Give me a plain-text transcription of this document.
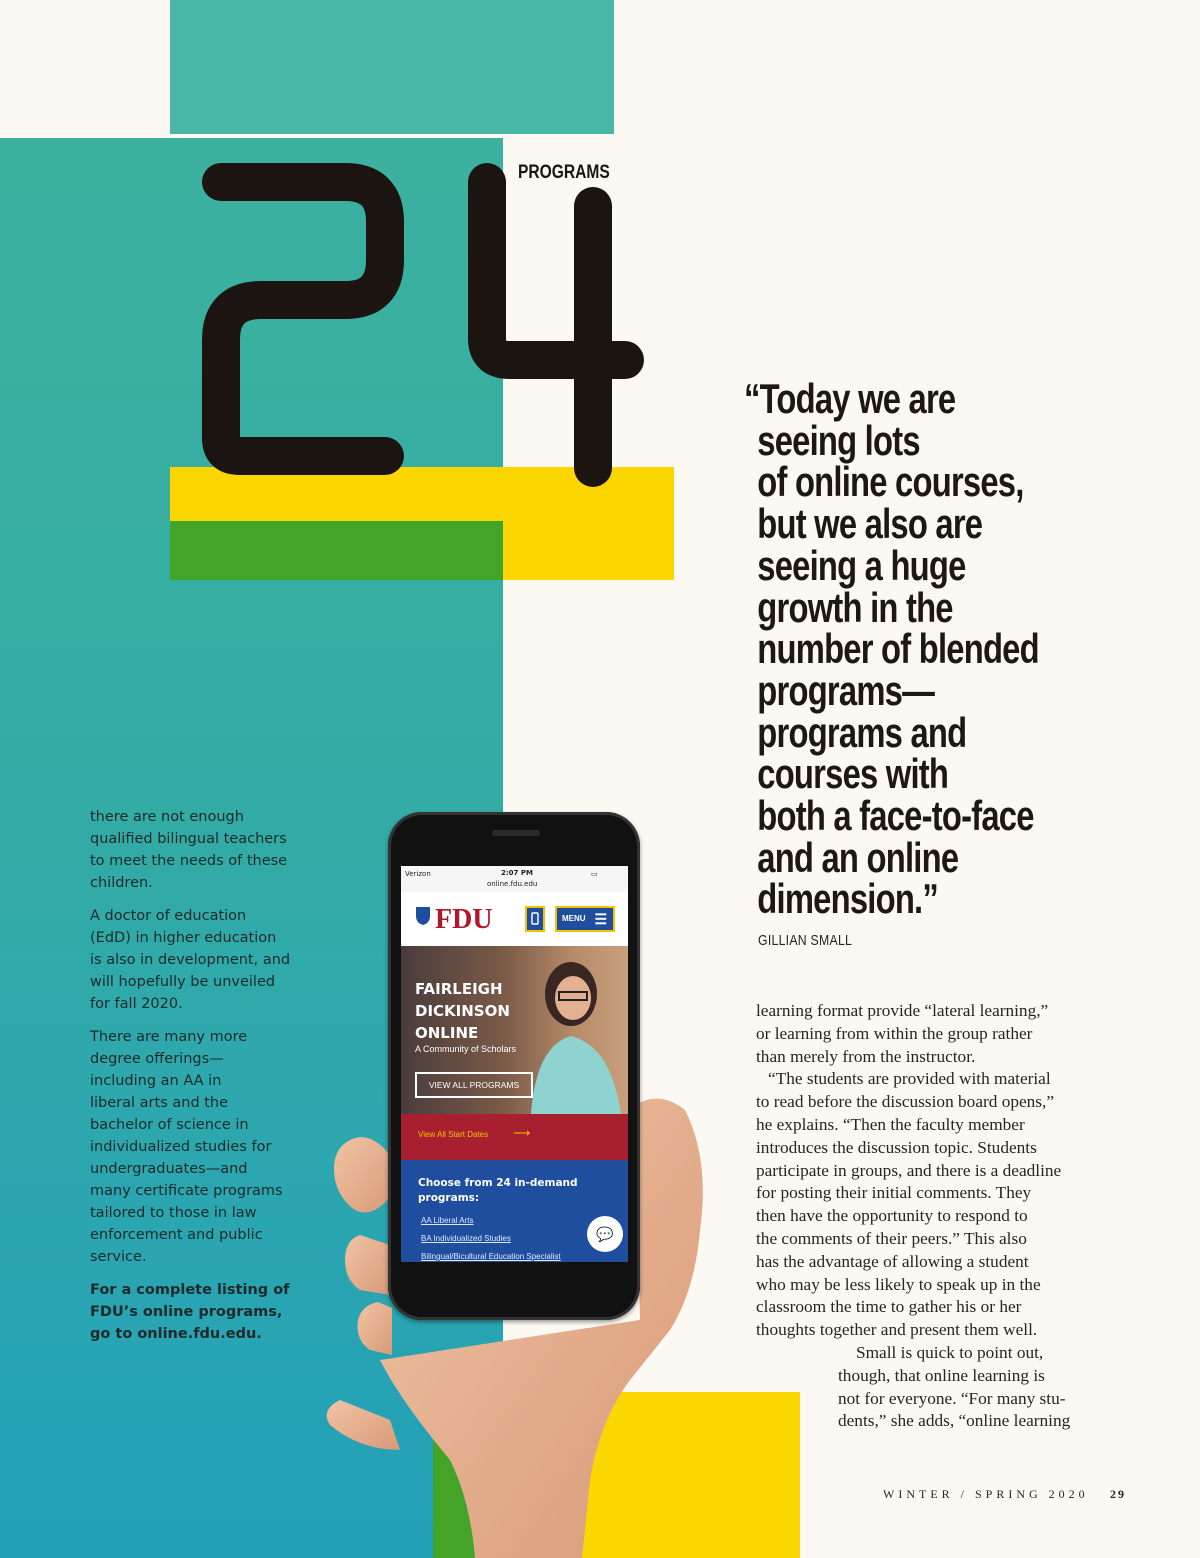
PROGRAMS
“Today we are
seeing lots
of online courses,
but we also are
seeing a huge
growth in the
number of blended
programs—
programs and
courses with
both a face-to-face
and an online
dimension.”
GILLIAN SMALL

there are not enough
qualified bilingual teachers
to meet the needs of these
children.

A doctor of education
(EdD) in higher education
is also in development, and
will hopefully be unveiled
for fall 2020.

There are many more
degree offerings—
including an AA in
liberal arts and the
bachelor of science in
individualized studies for
undergraduates—and
many certificate programs
tailored to those in law
enforcement and public
service.

For a complete listing of
FDU’s online programs,
go to online.fdu.edu.

learning format provide “lateral learning,”
or learning from within the group rather
than merely from the instructor.
“The students are provided with material
to read before the discussion board opens,”
he explains. “Then the faculty member
introduces the discussion topic. Students
participate in groups, and there is a deadline
for posting their initial comments. They
then have the opportunity to respond to
the comments of their peers.” This also
has the advantage of allowing a student
who may be less likely to speak up in the
classroom the time to gather his or her
thoughts together and present them well.
Small is quick to point out,
though, that online learning is
not for everyone. “For many stu-
dents,” she adds, “online learning
WINTER / SPRING 2020 29
Verizon	2:07 PM
online.fdu.edu
▭
FDU	MENU ☰
FAIRLEIGH
DICKINSON
ONLINE
A Community of Scholars
VIEW ALL PROGRAMS
View All Start Dates ⟶
Choose from 24 in-demand programs:
AA Liberal Arts
BA Individualized Studies
Bilingual/Bicultural Education Specialist
💬
